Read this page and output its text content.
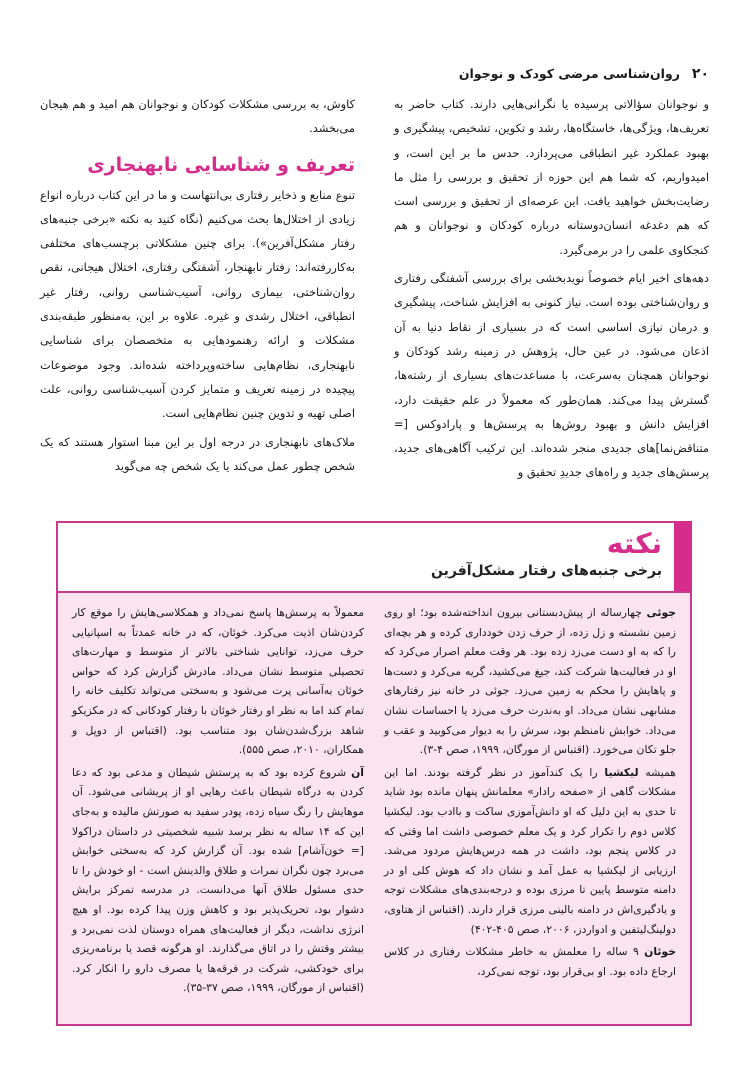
۲۰
روان‌شناسی مرضی کودک و نوجوان

و نوجوانان سؤالاتی پرسیده یا نگرانی‌هایی دارند. کتاب حاضر به تعریف‌ها، ویژگی‌ها، خاستگاه‌ها، رشد و تکوین، تشخیص، پیشگیری و بهبود عملکرد غیر انطباقی می‌پردازد. حدس ما بر این است، و امیدواریم، که شما هم این حوزه از تحقیق و بررسی را مثل ما رضایت‌بخش خواهید یافت. این عرصه‌ای از تحقیق و بررسی است که هم دغدغه انسان‌دوستانه درباره کودکان و نوجوانان و هم کنجکاوی علمی را در برمی‌گیرد.

دهه‌های اخیر ایام خصوصاً نویدبخشی برای بررسی آشفتگی رفتاری و روان‌شناختی بوده است. نیاز کنونی به افزایش شناخت، پیشگیری و درمان نیازی اساسی است که در بسیاری از نقاط دنیا به آن اذعان می‌شود. در عین حال، پژوهش در زمینه رشد کودکان و نوجوانان همچنان به‌سرعت، با مساعدت‌های بسیاری از رشته‌ها، گسترش پیدا می‌کند. همان‌طور که معمولاً در علم حقیقت دارد، افزایش دانش و بهبود روش‌ها به پرسش‌ها و پارادوکس [= متناقض‌نما]های جدیدی منجر شده‌اند. این ترکیب آگاهی‌های جدید، پرسش‌های جدید و راه‌های جدیدِ تحقیق و

کاوش، به بررسی مشکلات کودکان و نوجوانان هم امید و هم هیجان می‌بخشد.

تعریف و شناسایی نابهنجاری

تنوع منابع و ذخایر رفتاری بی‌انتهاست و ما در این کتاب درباره انواع زیادی از اختلال‌ها بحث می‌کنیم (نگاه کنید به نکته «برخی جنبه‌های رفتار مشکل‌آفرین»). برای چنین مشکلاتی برچسب‌های مختلفی به‌کاررفته‌اند: رفتار نابهنجار، آشفتگی رفتاری، اختلال هیجانی، نقص روان‌شناختی، بیماری روانی، آسیب‌شناسی روانی، رفتار غیر انطباقی، اختلال رشدی و غیره. علاوه بر این، به‌منظور طبقه‌بندی مشکلات و ارائه رهنمودهایی به متخصصان برای شناسایی نابهنجاری، نظام‌هایی ساخته‌وپرداخته شده‌اند. وجود موضوعات پیچیده در زمینه تعریف و متمایز کردن آسیب‌شناسی روانی، علت اصلی تهیه و تدوین چنین نظام‌هایی است.

ملاک‌های نابهنجاری در درجه اول بر این مبنا استوار هستند که یک شخص چطور عمل می‌کند یا یک شخص چه می‌گوید

نکته
برخی جنبه‌های رفتار مشکل‌آفرین

جوئی چهارساله از پیش‌دبستانی بیرون انداخته‌شده بود؛ او روی زمین نشسته و زل زده، از حرف زدن خودداری کرده و هر بچه‌ای را که به او دست می‌زد زده بود. هر وقت معلم اصرار می‌کرد که او در فعالیت‌ها شرکت کند، جیغ می‌کشید، گریه می‌کرد و دست‌ها و پاهایش را محکم به زمین می‌زد. جوئی در خانه نیز رفتارهای مشابهی نشان می‌داد. او به‌ندرت حرف می‌زد یا احساسات نشان می‌داد. خوابش نامنظم بود، سرش را به دیوار می‌کوبید و عقب و جلو تکان می‌خورد. (اقتباس از مورگان، ۱۹۹۹، صص ۴-۳).

همیشه لیکشیا را یک کندآموز در نظر گرفته بودند. اما این مشکلات گاهی از «صفحه رادار» معلمانش پنهان مانده بود شاید تا حدی به این دلیل که او دانش‌آموزی ساکت و باادب بود. لیکشیا کلاس دوم را تکرار کرد و یک معلم خصوصی داشت اما وقتی که در کلاس پنجم بود، داشت در همه درس‌هایش مردود می‌شد. ارزیابی از لیکشیا به عمل آمد و نشان داد که هوش کلی او در دامنه متوسط پایین تا مرزی بوده و درجه‌بندی‌های مشکلات توجه و یادگیری‌اش در دامنه بالینی مرزی قرار دارند. (اقتباس از هتاوی، دولینگ‌لیتفین و ادواردز، ۲۰۰۶، صص ۴۰۵-۴۰۲)

خوئان ۹ ساله را معلمش به خاطر مشکلات رفتاری در کلاس ارجاع داده بود. او بی‌قرار بود، توجه نمی‌کرد،

معمولاً به پرسش‌ها پاسخ نمی‌داد و همکلاسی‌هایش را موقع کار کردن‌شان اذیت می‌کرد. خوئان، که در خانه عمدتاً به اسپانیایی حرف می‌زد، توانایی شناختی بالاتر از متوسط و مهارت‌های تحصیلی متوسط نشان می‌داد. مادرش گزارش کرد که حواس خوئان به‌آسانی پرت می‌شود و به‌سختی می‌تواند تکلیف خانه را تمام کند اما به نظر او رفتار خوئان با رفتار کودکانی که در مکزیکو شاهد بزرگ‌شدن‌شان بود متناسب بود. (اقتباس از دوپل و همکاران، ۲۰۱۰، صص ۵۵۵).

آن شروع کرده بود که به پرستش شیطان و مدعی بود که دعا کردن به درگاه شیطان باعث رهایی او از پریشانی می‌شود. آن موهایش را رنگ سیاه زده، پودر سفید به صورتش مالیده و به‌جای این که ۱۴ ساله به نظر برسد شبیه شخصیتی در داستان دراکولا [= خون‌آشام] شده بود. آن گزارش کرد که به‌سختی خوابش می‌برد چون نگران نمرات و طلاق والدینش است - او خودش را تا حدی مسئول طلاق آنها می‌دانست. در مدرسه تمرکز برایش دشوار بود، تحریک‌پذیر بود و کاهش وزن پیدا کرده بود. او هیچ انرژی نداشت، دیگر از فعالیت‌های همراه دوستان لذت نمی‌برد و بیشتر وقتش را در اتاق می‌گذارند. او هرگونه قصد یا برنامه‌ریزی برای خودکشی، شرکت در فرقه‌ها یا مصرف دارو را انکار کرد. (اقتباس از مورگان، ۱۹۹۹، صص ۳۷-۳۵).
